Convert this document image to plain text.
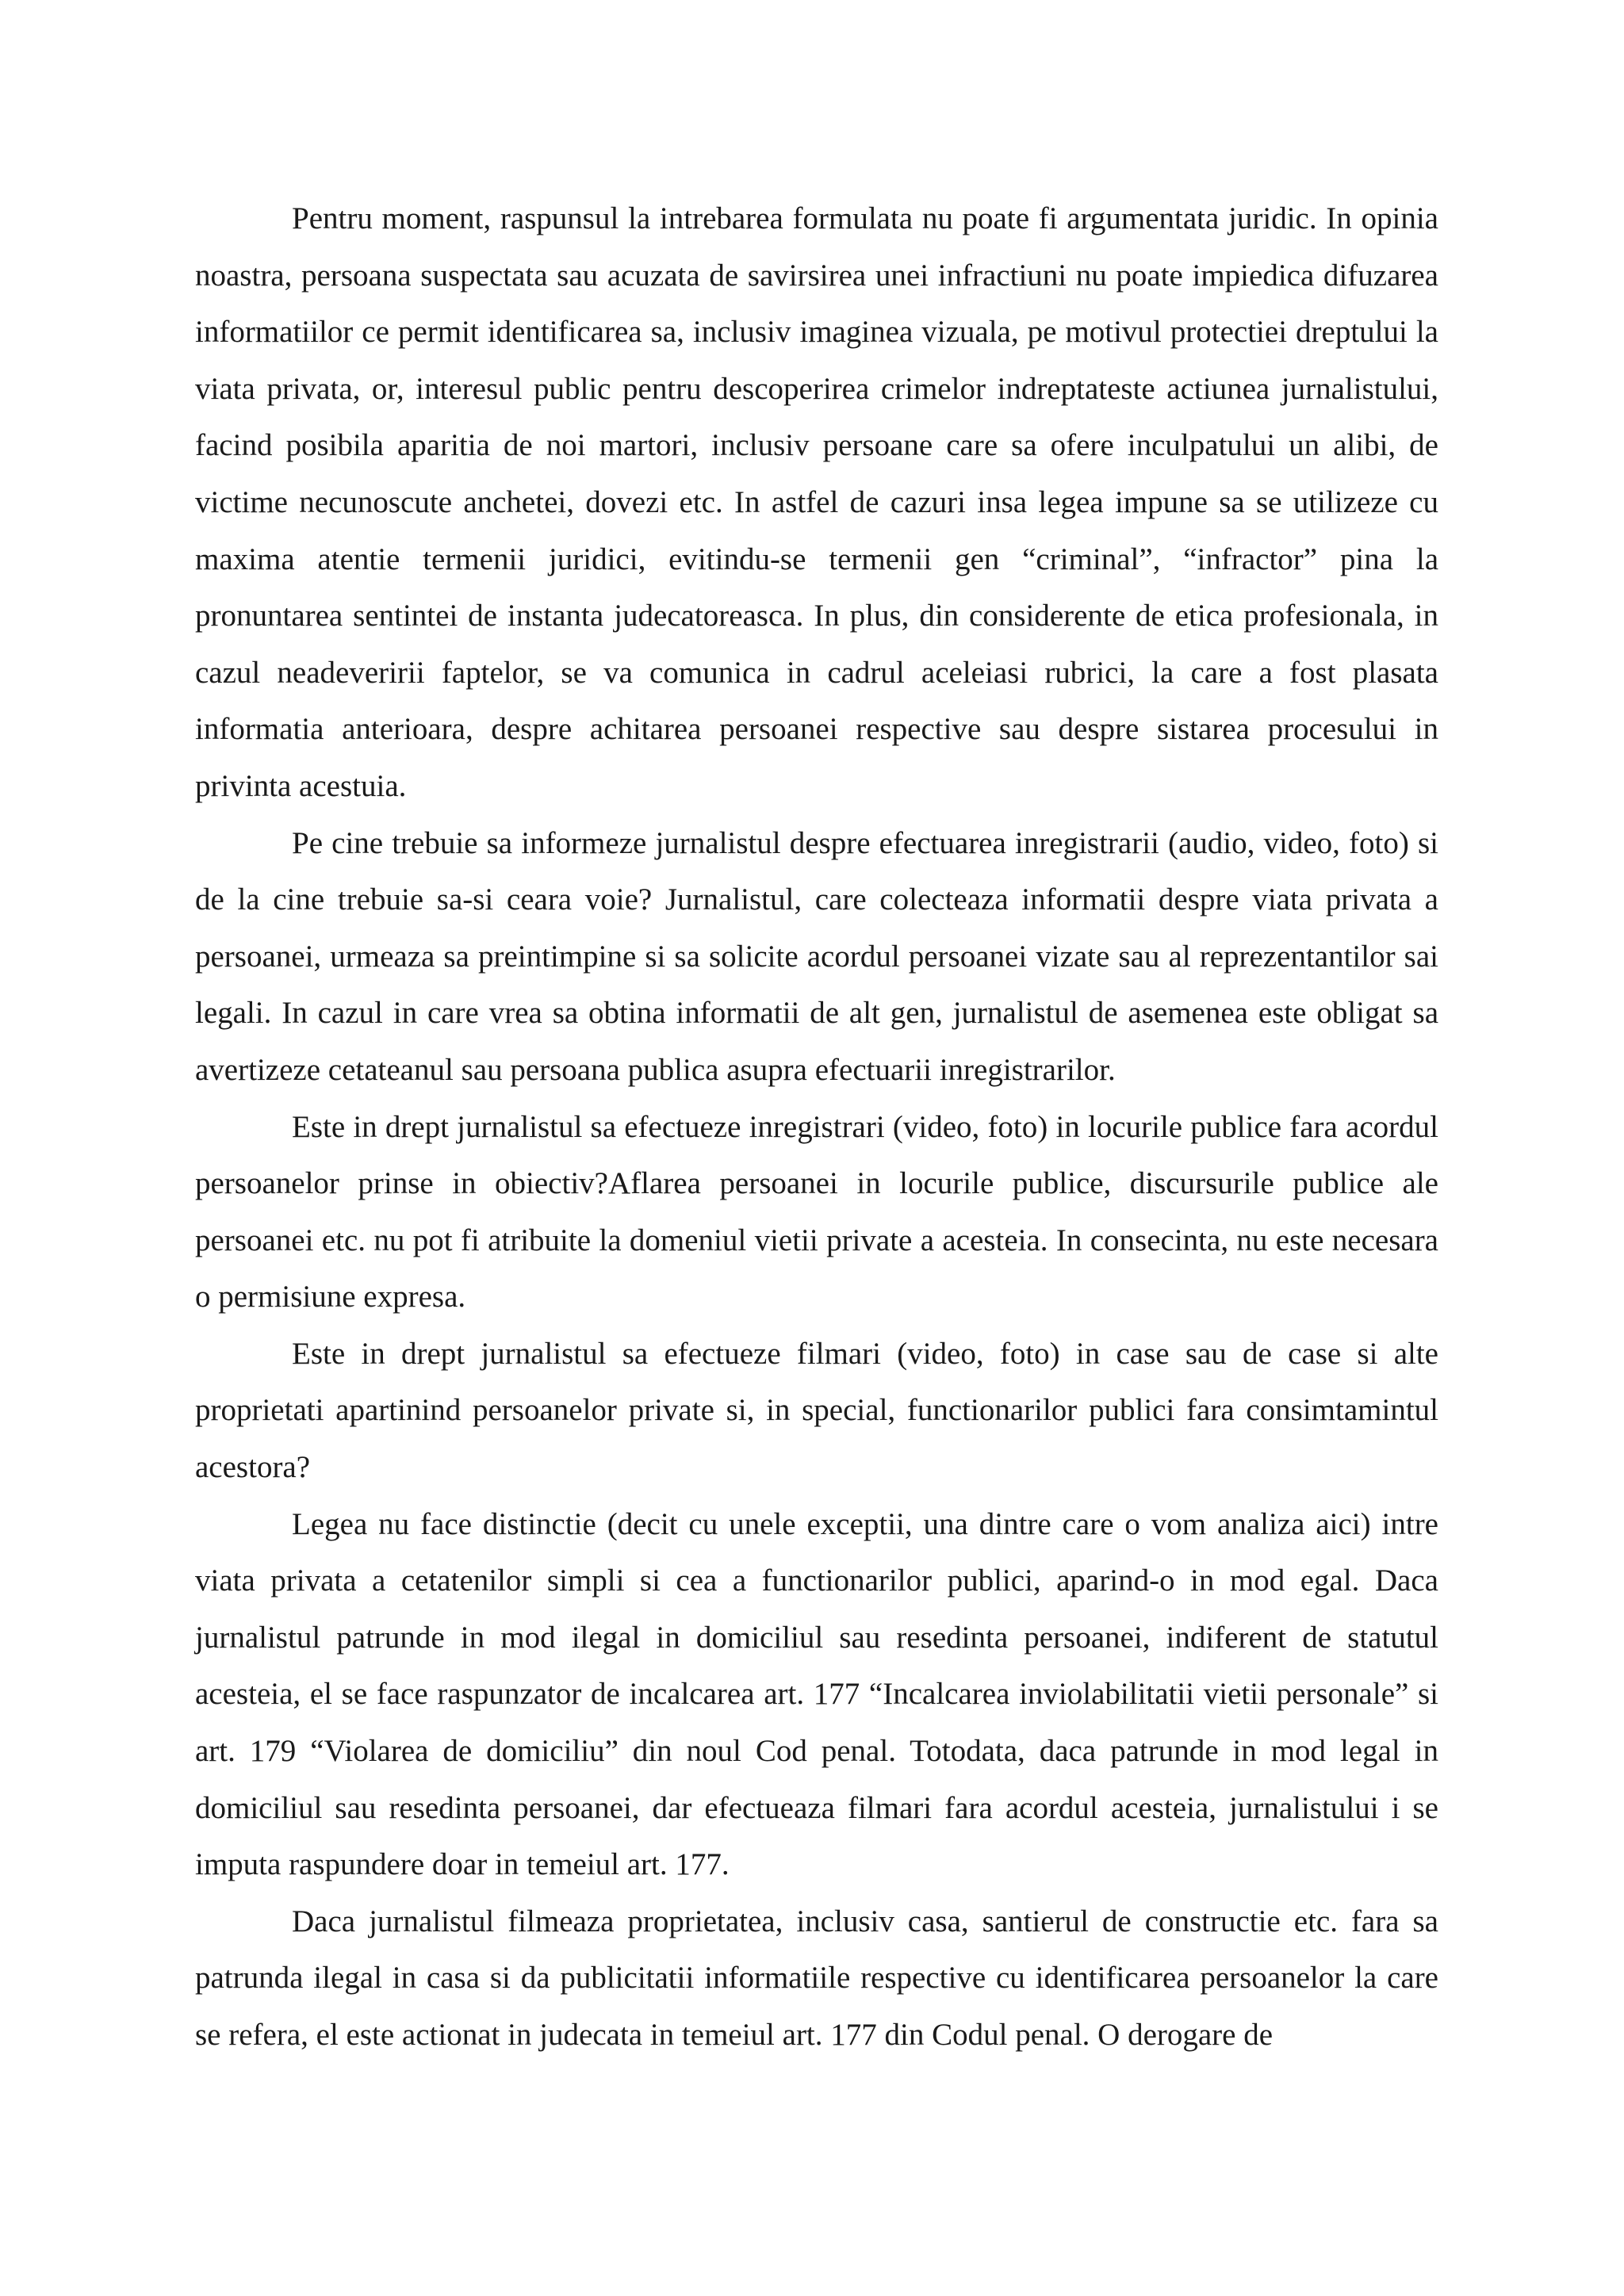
Pentru moment, raspunsul la intrebarea formulata nu poate fi argumentata juridic. In opinia noastra, persoana suspectata sau acuzata de savirsirea unei infractiuni nu poate impiedica difuzarea informatiilor ce permit identificarea sa, inclusiv imaginea vizuala, pe motivul protectiei dreptului la viata privata, or, interesul public pentru descoperirea crimelor indreptateste actiunea jurnalistului, facind posibila aparitia de noi martori, inclusiv persoane care sa ofere inculpatului un alibi, de victime necunoscute anchetei, dovezi etc. In astfel de cazuri insa legea impune sa se utilizeze cu maxima atentie termenii juridici, evitindu-se termenii gen “criminal”, “infractor” pina la pronuntarea sentintei de instanta judecatoreasca. In plus, din considerente de etica profesionala, in cazul neadeveririi faptelor, se va comunica in cadrul aceleiasi rubrici, la care a fost plasata informatia anterioara, despre achitarea persoanei respective sau despre sistarea procesului in privinta acestuia.

Pe cine trebuie sa informeze jurnalistul despre efectuarea inregistrarii (audio, video, foto) si de la cine trebuie sa-si ceara voie? Jurnalistul, care colecteaza informatii despre viata privata a persoanei, urmeaza sa preintimpine si sa solicite acordul persoanei vizate sau al reprezentantilor sai legali. In cazul in care vrea sa obtina informatii de alt gen, jurnalistul de asemenea este obligat sa avertizeze cetateanul sau persoana publica asupra efectuarii inregistrarilor.

Este in drept jurnalistul sa efectueze inregistrari (video, foto) in locurile publice fara acordul persoanelor prinse in obiectiv?Aflarea persoanei in locurile publice, discursurile publice ale persoanei etc. nu pot fi atribuite la domeniul vietii private a acesteia. In consecinta, nu este necesara o permisiune expresa.

Este in drept jurnalistul sa efectueze filmari (video, foto) in case sau de case si alte proprietati apartinind persoanelor private si, in special, functionarilor publici fara consimtamintul acestora?

Legea nu face distinctie (decit cu unele exceptii, una dintre care o vom analiza aici) intre viata privata a cetatenilor simpli si cea a functionarilor publici, aparind-o in mod egal. Daca jurnalistul patrunde in mod ilegal in domiciliul sau resedinta persoanei, indiferent de statutul acesteia, el se face raspunzator de incalcarea art. 177 “Incalcarea inviolabilitatii vietii personale” si art. 179 “Violarea de domiciliu” din noul Cod penal. Totodata, daca patrunde in mod legal in domiciliul sau resedinta persoanei, dar efectueaza filmari fara acordul acesteia, jurnalistului i se imputa raspundere doar in temeiul art. 177.

Daca jurnalistul filmeaza proprietatea, inclusiv casa, santierul de constructie etc. fara sa patrunda ilegal in casa si da publicitatii informatiile respective cu identificarea persoanelor la care se refera, el este actionat in judecata in temeiul art. 177 din Codul penal. O derogare de
